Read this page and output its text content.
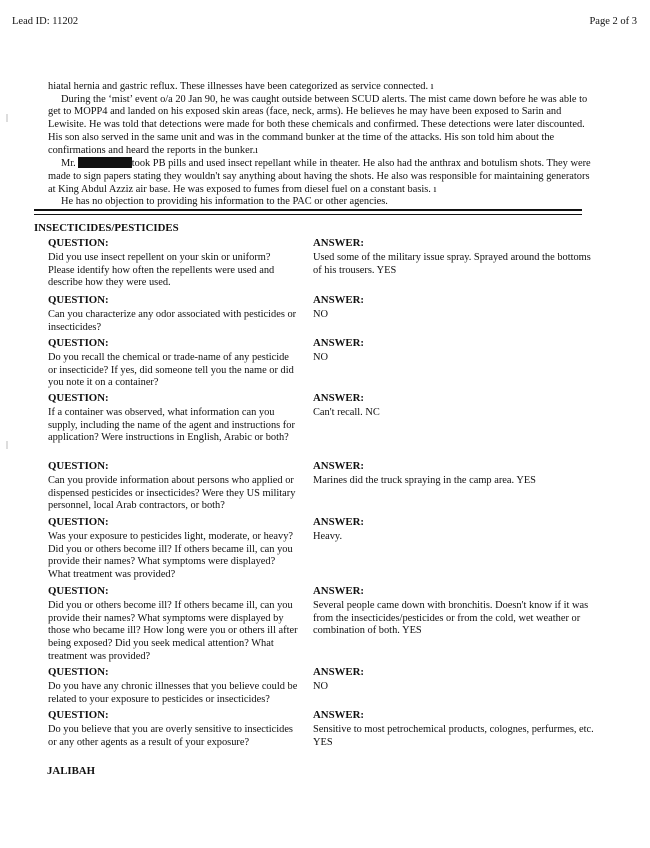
Lead ID: 11202	Page 2 of 3

hiatal hernia and gastric reflux. These illnesses have been categorized as service connected. ı

During the ‘mist’ event o/a 20 Jan 90, he was caught outside between SCUD alerts. The mist came down before he was able to get to MOPP4 and landed on his exposed skin areas (face, neck, arms). He believes he may have been exposed to Sarin and Lewisite. He was told that detections were made for both these chemicals and confirmed. These detections were later discounted. His son also served in the same unit and was in the command bunker at the time of the attacks. His son told him about the confirmations and heard the reports in the bunker.ı

Mr.	took PB pills and used insect repellant while in theater. He also had the anthrax and botulism shots. They were made to sign papers stating they wouldn't say anything about having the shots. He also was responsible for maintaining generators at King Abdul Azziz air base. He was exposed to fumes from diesel fuel on a constant basis. ı

He has no objection to providing his information to the PAC or other agencies.

INSECTICIDES/PESTICIDES
QUESTION:
Did you use insect repellent on your skin or uniform? Please identify how often the repellents were used and describe how they were used.
ANSWER:
Used some of the military issue spray. Sprayed around the bottoms of his trousers. YES
QUESTION:
Can you characterize any odor associated with pesticides or insecticides?
ANSWER:
NO
QUESTION:
Do you recall the chemical or trade-name of any pesticide or insecticide? If yes, did someone tell you the name or did you note it on a container?
ANSWER:
NO
QUESTION:
If a container was observed, what information can you supply, including the name of the agent and instructions for application? Were instructions in English, Arabic or both?
ANSWER:
Can't recall. NC
QUESTION:
Can you provide information about persons who applied or dispensed pesticides or insecticides? Were they US military personnel, local Arab contractors, or both?
ANSWER:
Marines did the truck spraying in the camp area. YES
QUESTION:
Was your exposure to pesticides light, moderate, or heavy? Did you or others become ill? If others became ill, can you provide their names? What symptoms were displayed? What treatment was provided?
ANSWER:
Heavy.
QUESTION:
Did you or others become ill? If others became ill, can you provide their names? What symptoms were displayed by those who became ill? How long were you or others ill after being exposed? Did you seek medical attention? What treatment was provided?
ANSWER:
Several people came down with bronchitis. Doesn't know if it was from the insecticides/pesticides or from the cold, wet weather or combination of both. YES
QUESTION:
Do you have any chronic illnesses that you believe could be related to your exposure to pesticides or insecticides?
ANSWER:
NO
QUESTION:
Do you believe that you are overly sensitive to insecticides or any other agents as a result of your exposure?
ANSWER:
Sensitive to most petrochemical products, colognes, perfurmes, etc. YES
JALIBAH
